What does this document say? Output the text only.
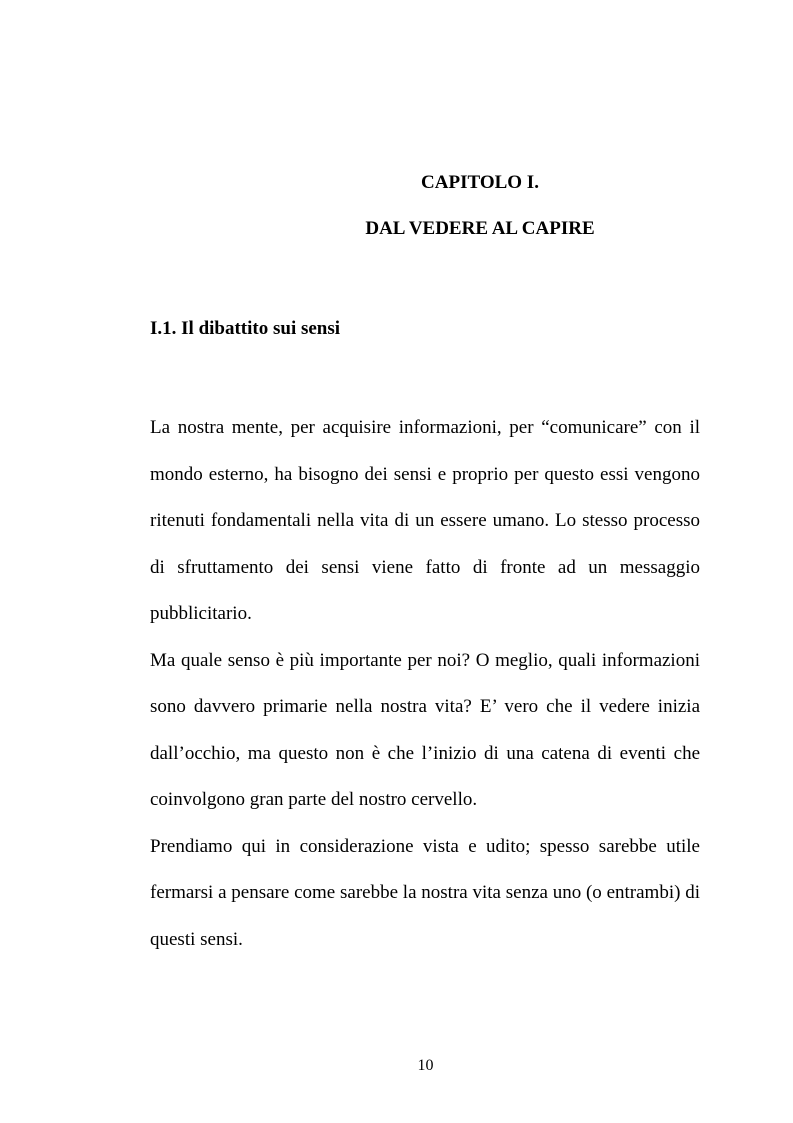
CAPITOLO I.
DAL VEDERE AL CAPIRE
I.1. Il dibattito sui sensi

La nostra mente, per acquisire informazioni, per “comunicare” con il mondo esterno, ha bisogno dei sensi e proprio per questo essi vengono ritenuti fondamentali nella vita di un essere umano. Lo stesso processo di sfruttamento dei sensi viene fatto di fronte ad un messaggio pubblicitario.

Ma quale senso è più importante per noi? O meglio, quali informazioni sono davvero primarie nella nostra vita? E’ vero che il vedere inizia dall’occhio, ma questo non è che l’inizio di una catena di eventi che coinvolgono gran parte del nostro cervello.

Prendiamo qui in considerazione vista e udito; spesso sarebbe utile fermarsi a pensare come sarebbe la nostra vita senza uno (o entrambi) di questi sensi.

10
